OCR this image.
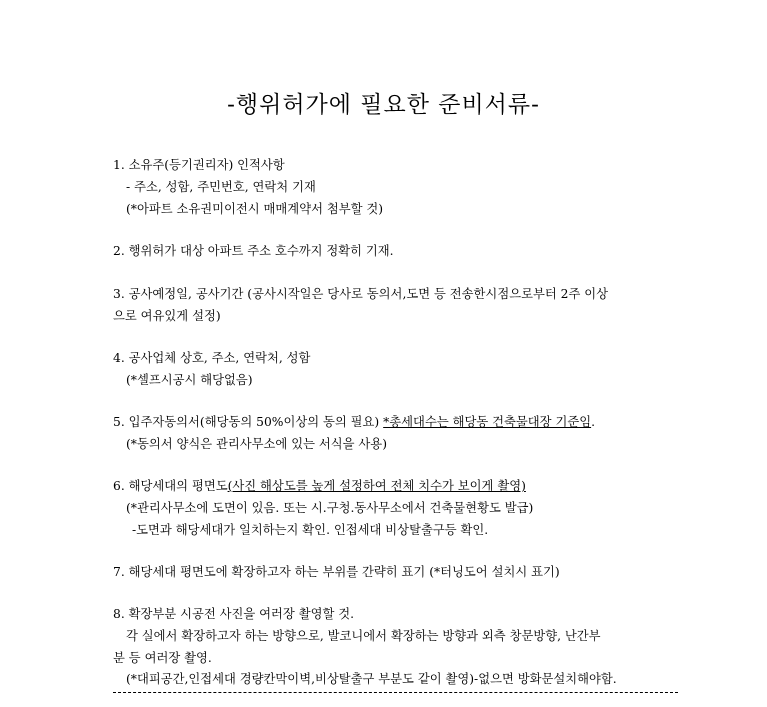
-행위허가에 필요한 준비서류-
1. 소유주(등기권리자) 인적사항
- 주소, 성함, 주민번호, 연락처 기재
(*아파트 소유권미이전시 매매계약서 첨부할 것)
2. 행위허가 대상 아파트 주소 호수까지 정확히 기재.
3. 공사예정일, 공사기간 (공사시작일은 당사로 동의서,도면 등 전송한시점으로부터 2주 이상
으로 여유있게 설정)
4. 공사업체 상호, 주소, 연락처, 성함
(*셀프시공시 해당없음)
5. 입주자동의서(해당동의 50%이상의 동의 필요) *총세대수는 해당동 건축물대장 기준임.
(*동의서 양식은 관리사무소에 있는 서식을 사용)
6. 해당세대의 평면도(사진 해상도를 높게 설정하여 전체 치수가 보이게 촬영)
(*관리사무소에 도면이 있음. 또는 시.구청.동사무소에서 건축물현황도 발급)
-도면과 해당세대가 일치하는지 확인. 인접세대 비상탈출구등 확인.
7. 해당세대 평면도에 확장하고자 하는 부위를 간략히 표기 (*터닝도어 설치시 표기)
8. 확장부분 시공전 사진을 여러장 촬영할 것.
각 실에서 확장하고자 하는 방향으로, 발코니에서 확장하는 방향과 외측 창문방향, 난간부
분 등 여러장 촬영.
(*대피공간,인접세대 경량칸막이벽,비상탈출구 부분도 같이 촬영)-없으면 방화문설치해야함.
